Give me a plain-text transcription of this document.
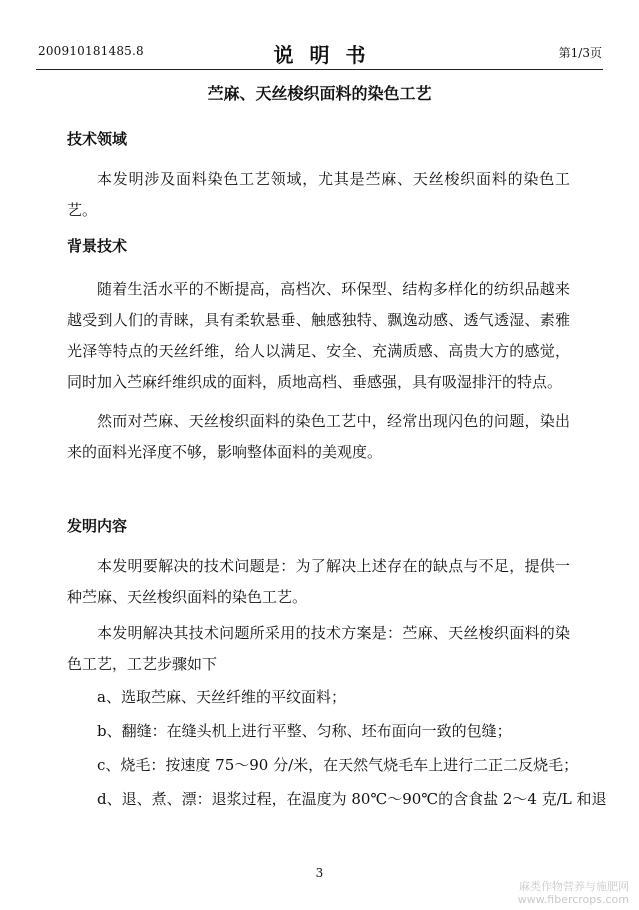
200910181485.8	说明书	第1/3页
苎麻、天丝梭织面料的染色工艺
技术领域
本发明涉及面料染色工艺领域，尤其是苎麻、天丝梭织面料的染色工艺。
背景技术
随着生活水平的不断提高，高档次、环保型、结构多样化的纺织品越来越受到人们的青睐，具有柔软悬垂、触感独特、飘逸动感、透气透湿、素雅光泽等特点的天丝纤维，给人以满足、安全、充满质感、高贵大方的感觉，同时加入苎麻纤维织成的面料，质地高档、垂感强，具有吸湿排汗的特点。
然而对苎麻、天丝梭织面料的染色工艺中，经常出现闪色的问题，染出来的面料光泽度不够，影响整体面料的美观度。
发明内容
本发明要解决的技术问题是：为了解决上述存在的缺点与不足，提供一种苎麻、天丝梭织面料的染色工艺。
本发明解决其技术问题所采用的技术方案是：苎麻、天丝梭织面料的染色工艺，工艺步骤如下
a、选取苎麻、天丝纤维的平纹面料；
b、翻缝：在缝头机上进行平整、匀称、坯布面向一致的包缝；
c、烧毛：按速度 75～90 分/米，在天然气烧毛车上进行二正二反烧毛；
d、退、煮、漂：退浆过程，在温度为 80℃～90℃的含食盐 2～4 克/L 和退
3
麻类作物营养与施肥网
www.fibercrops.com
